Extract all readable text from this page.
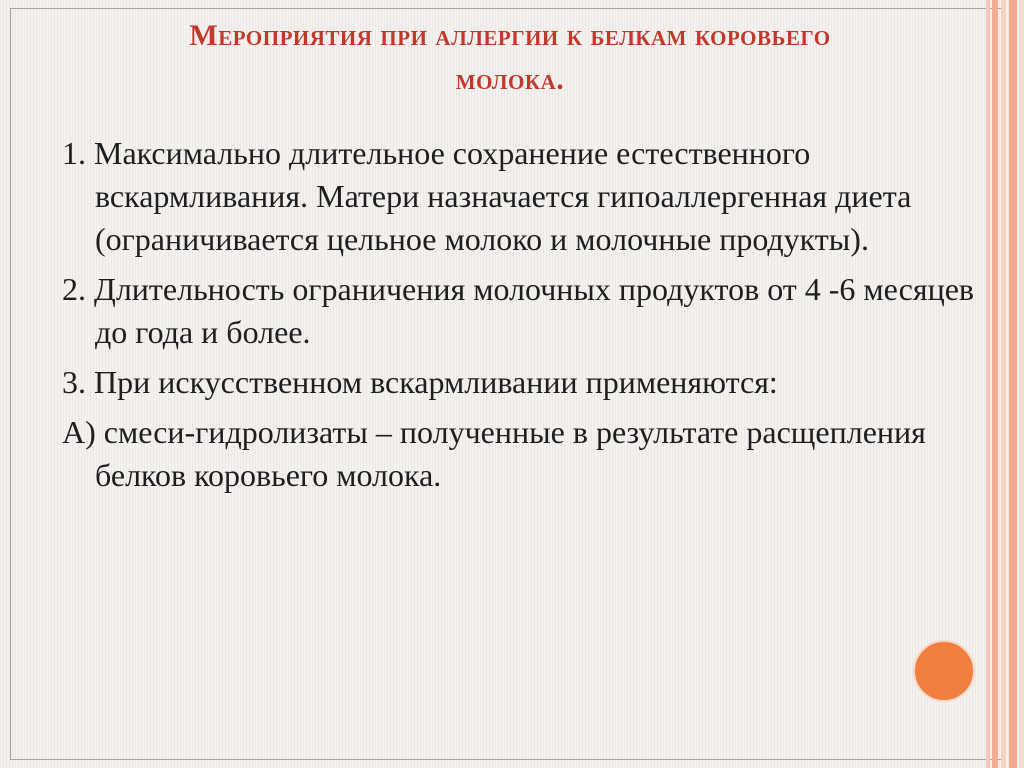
Мероприятия при аллергии к белкам коровьего
молока.

1. Максимально длительное сохранение естественного вскармливания. Матери назначается гипоаллергенная диета (ограничивается цельное молоко и молочные продукты).

2. Длительность ограничения молочных продуктов от 4 -6 месяцев до года и более.

3. При искусственном вскармливании применяются:

А) смеси-гидролизаты – полученные в результате расщепления белков коровьего молока.
